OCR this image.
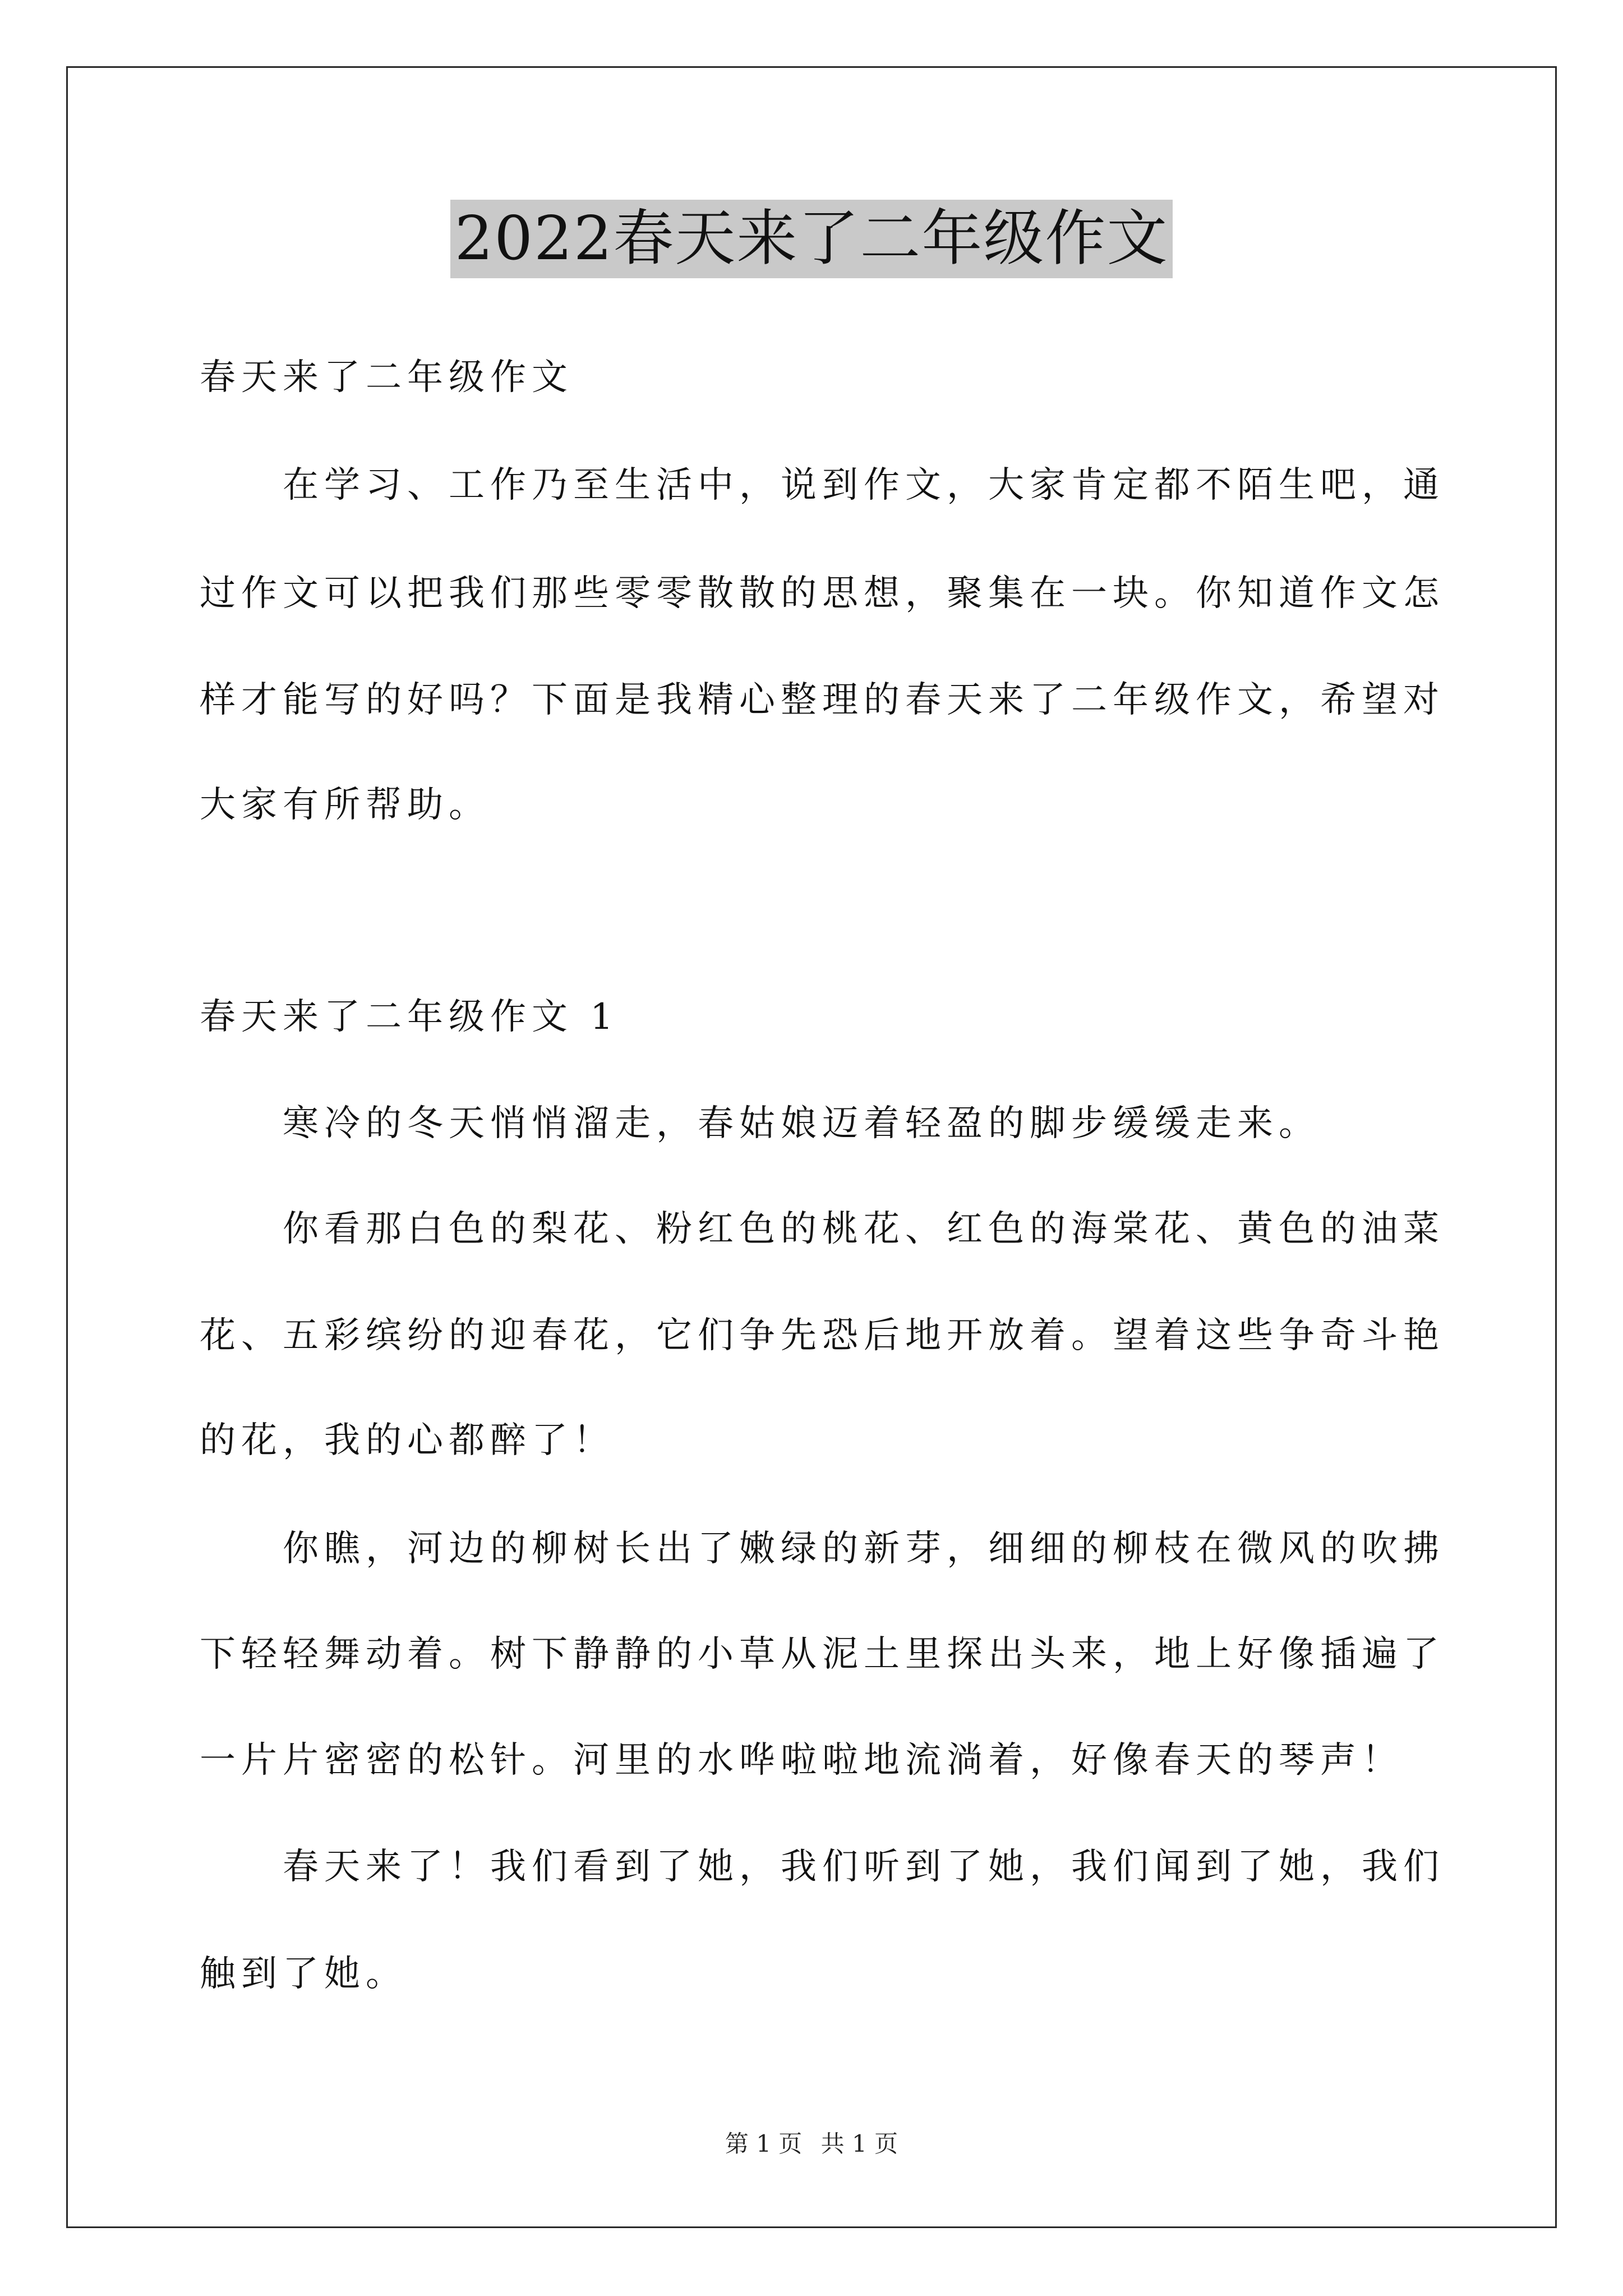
2022春天来了二年级作文
春天来了二年级作文
在学习、工作乃至生活中，说到作文，大家肯定都不陌生吧，通
过作文可以把我们那些零零散散的思想，聚集在一块。你知道作文怎
样才能写的好吗？下面是我精心整理的春天来了二年级作文，希望对
大家有所帮助。
春天来了二年级作文 1
寒冷的冬天悄悄溜走，春姑娘迈着轻盈的脚步缓缓走来。
你看那白色的梨花、粉红色的桃花、红色的海棠花、黄色的油菜
花、五彩缤纷的迎春花，它们争先恐后地开放着。望着这些争奇斗艳
的花，我的心都醉了！
你瞧，河边的柳树长出了嫩绿的新芽，细细的柳枝在微风的吹拂
下轻轻舞动着。树下静静的小草从泥土里探出头来，地上好像插遍了
一片片密密的松针。河里的水哗啦啦地流淌着，好像春天的琴声！
春天来了！我们看到了她，我们听到了她，我们闻到了她，我们
触到了她。
第 1 页 共 1 页
